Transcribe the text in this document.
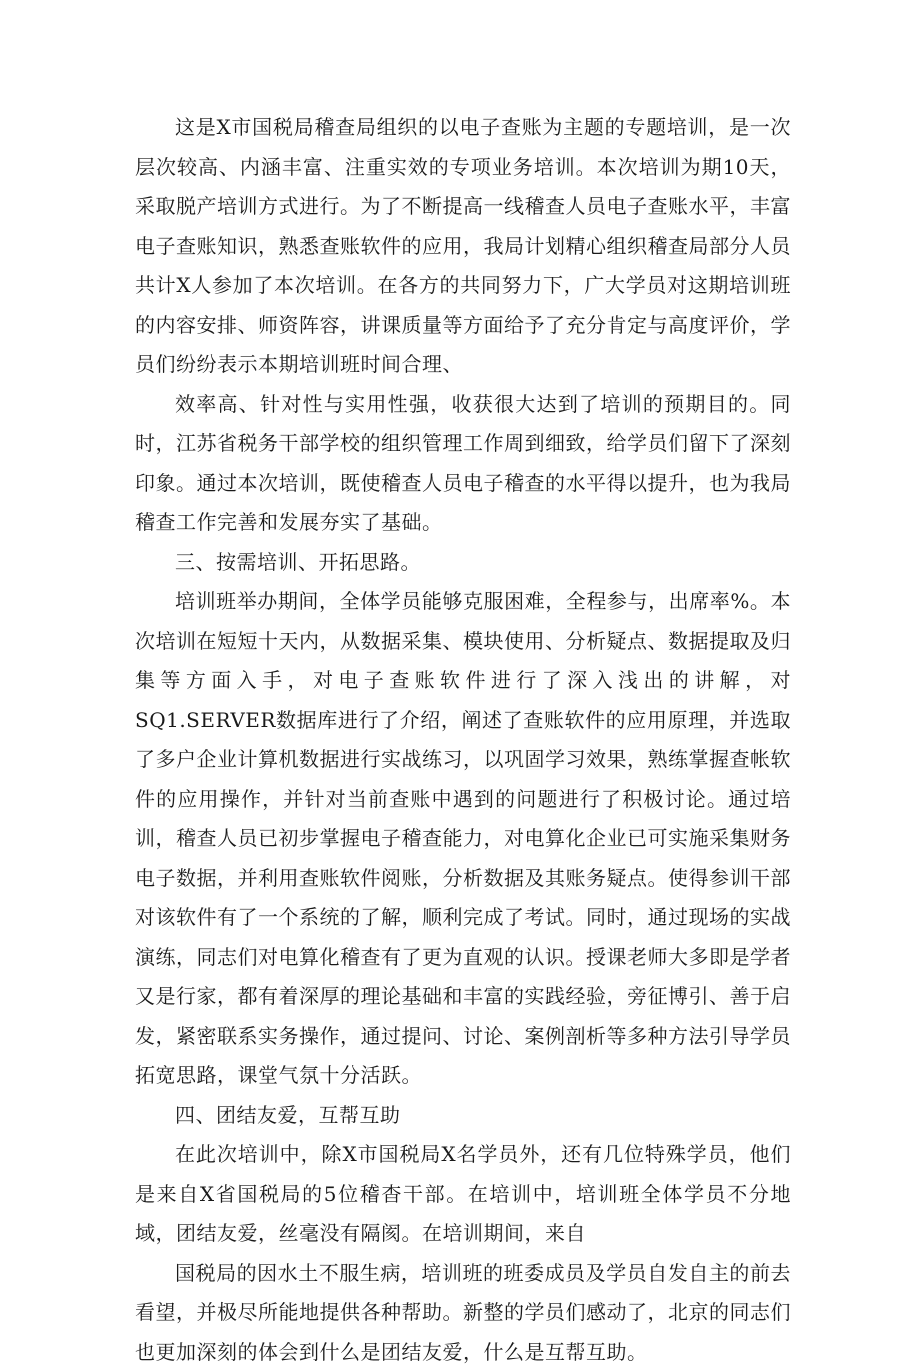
这是X市国税局稽查局组织的以电子查账为主题的专题培训，是一次层次较高、内涵丰富、注重实效的专项业务培训。本次培训为期10天，采取脱产培训方式进行。为了不断提高一线稽查人员电子查账水平，丰富电子查账知识，熟悉查账软件的应用，我局计划精心组织稽查局部分人员共计X人参加了本次培训。在各方的共同努力下，广大学员对这期培训班的内容安排、师资阵容，讲课质量等方面给予了充分肯定与高度评价，学员们纷纷表示本期培训班时间合理、

效率高、针对性与实用性强，收获很大达到了培训的预期目的。同时，江苏省税务干部学校的组织管理工作周到细致，给学员们留下了深刻印象。通过本次培训，既使稽查人员电子稽查的水平得以提升，也为我局稽查工作完善和发展夯实了基础。

三、按需培训、开拓思路。

培训班举办期间，全体学员能够克服困难，全程参与，出席率%。本次培训在短短十天内，从数据采集、模块使用、分析疑点、数据提取及归集等方面入手，对电子查账软件进行了深入浅出的讲解，对SQ1.SERVER数据库进行了介绍，阐述了查账软件的应用原理，并选取了多户企业计算机数据进行实战练习，以巩固学习效果，熟练掌握查帐软件的应用操作，并针对当前查账中遇到的问题进行了积极讨论。通过培训，稽查人员已初步掌握电子稽查能力，对电算化企业已可实施采集财务电子数据，并利用查账软件阅账，分析数据及其账务疑点。使得参训干部对该软件有了一个系统的了解，顺利完成了考试。同时，通过现场的实战演练，同志们对电算化稽查有了更为直观的认识。授课老师大多即是学者又是行家，都有着深厚的理论基础和丰富的实践经验，旁征博引、善于启发，紧密联系实务操作，通过提问、讨论、案例剖析等多种方法引导学员拓宽思路，课堂气氛十分活跃。

四、团结友爱，互帮互助

在此次培训中，除X市国税局X名学员外，还有几位特殊学员，他们是来自X省国税局的5位稽杳干部。在培训中，培训班全体学员不分地域，团结友爱，丝毫没有隔阂。在培训期间，来自

国税局的因水土不服生病，培训班的班委成员及学员自发自主的前去看望，并极尽所能地提供各种帮助。新整的学员们感动了，北京的同志们也更加深刻的体会到什么是团结友爱，什么是互帮互助。
